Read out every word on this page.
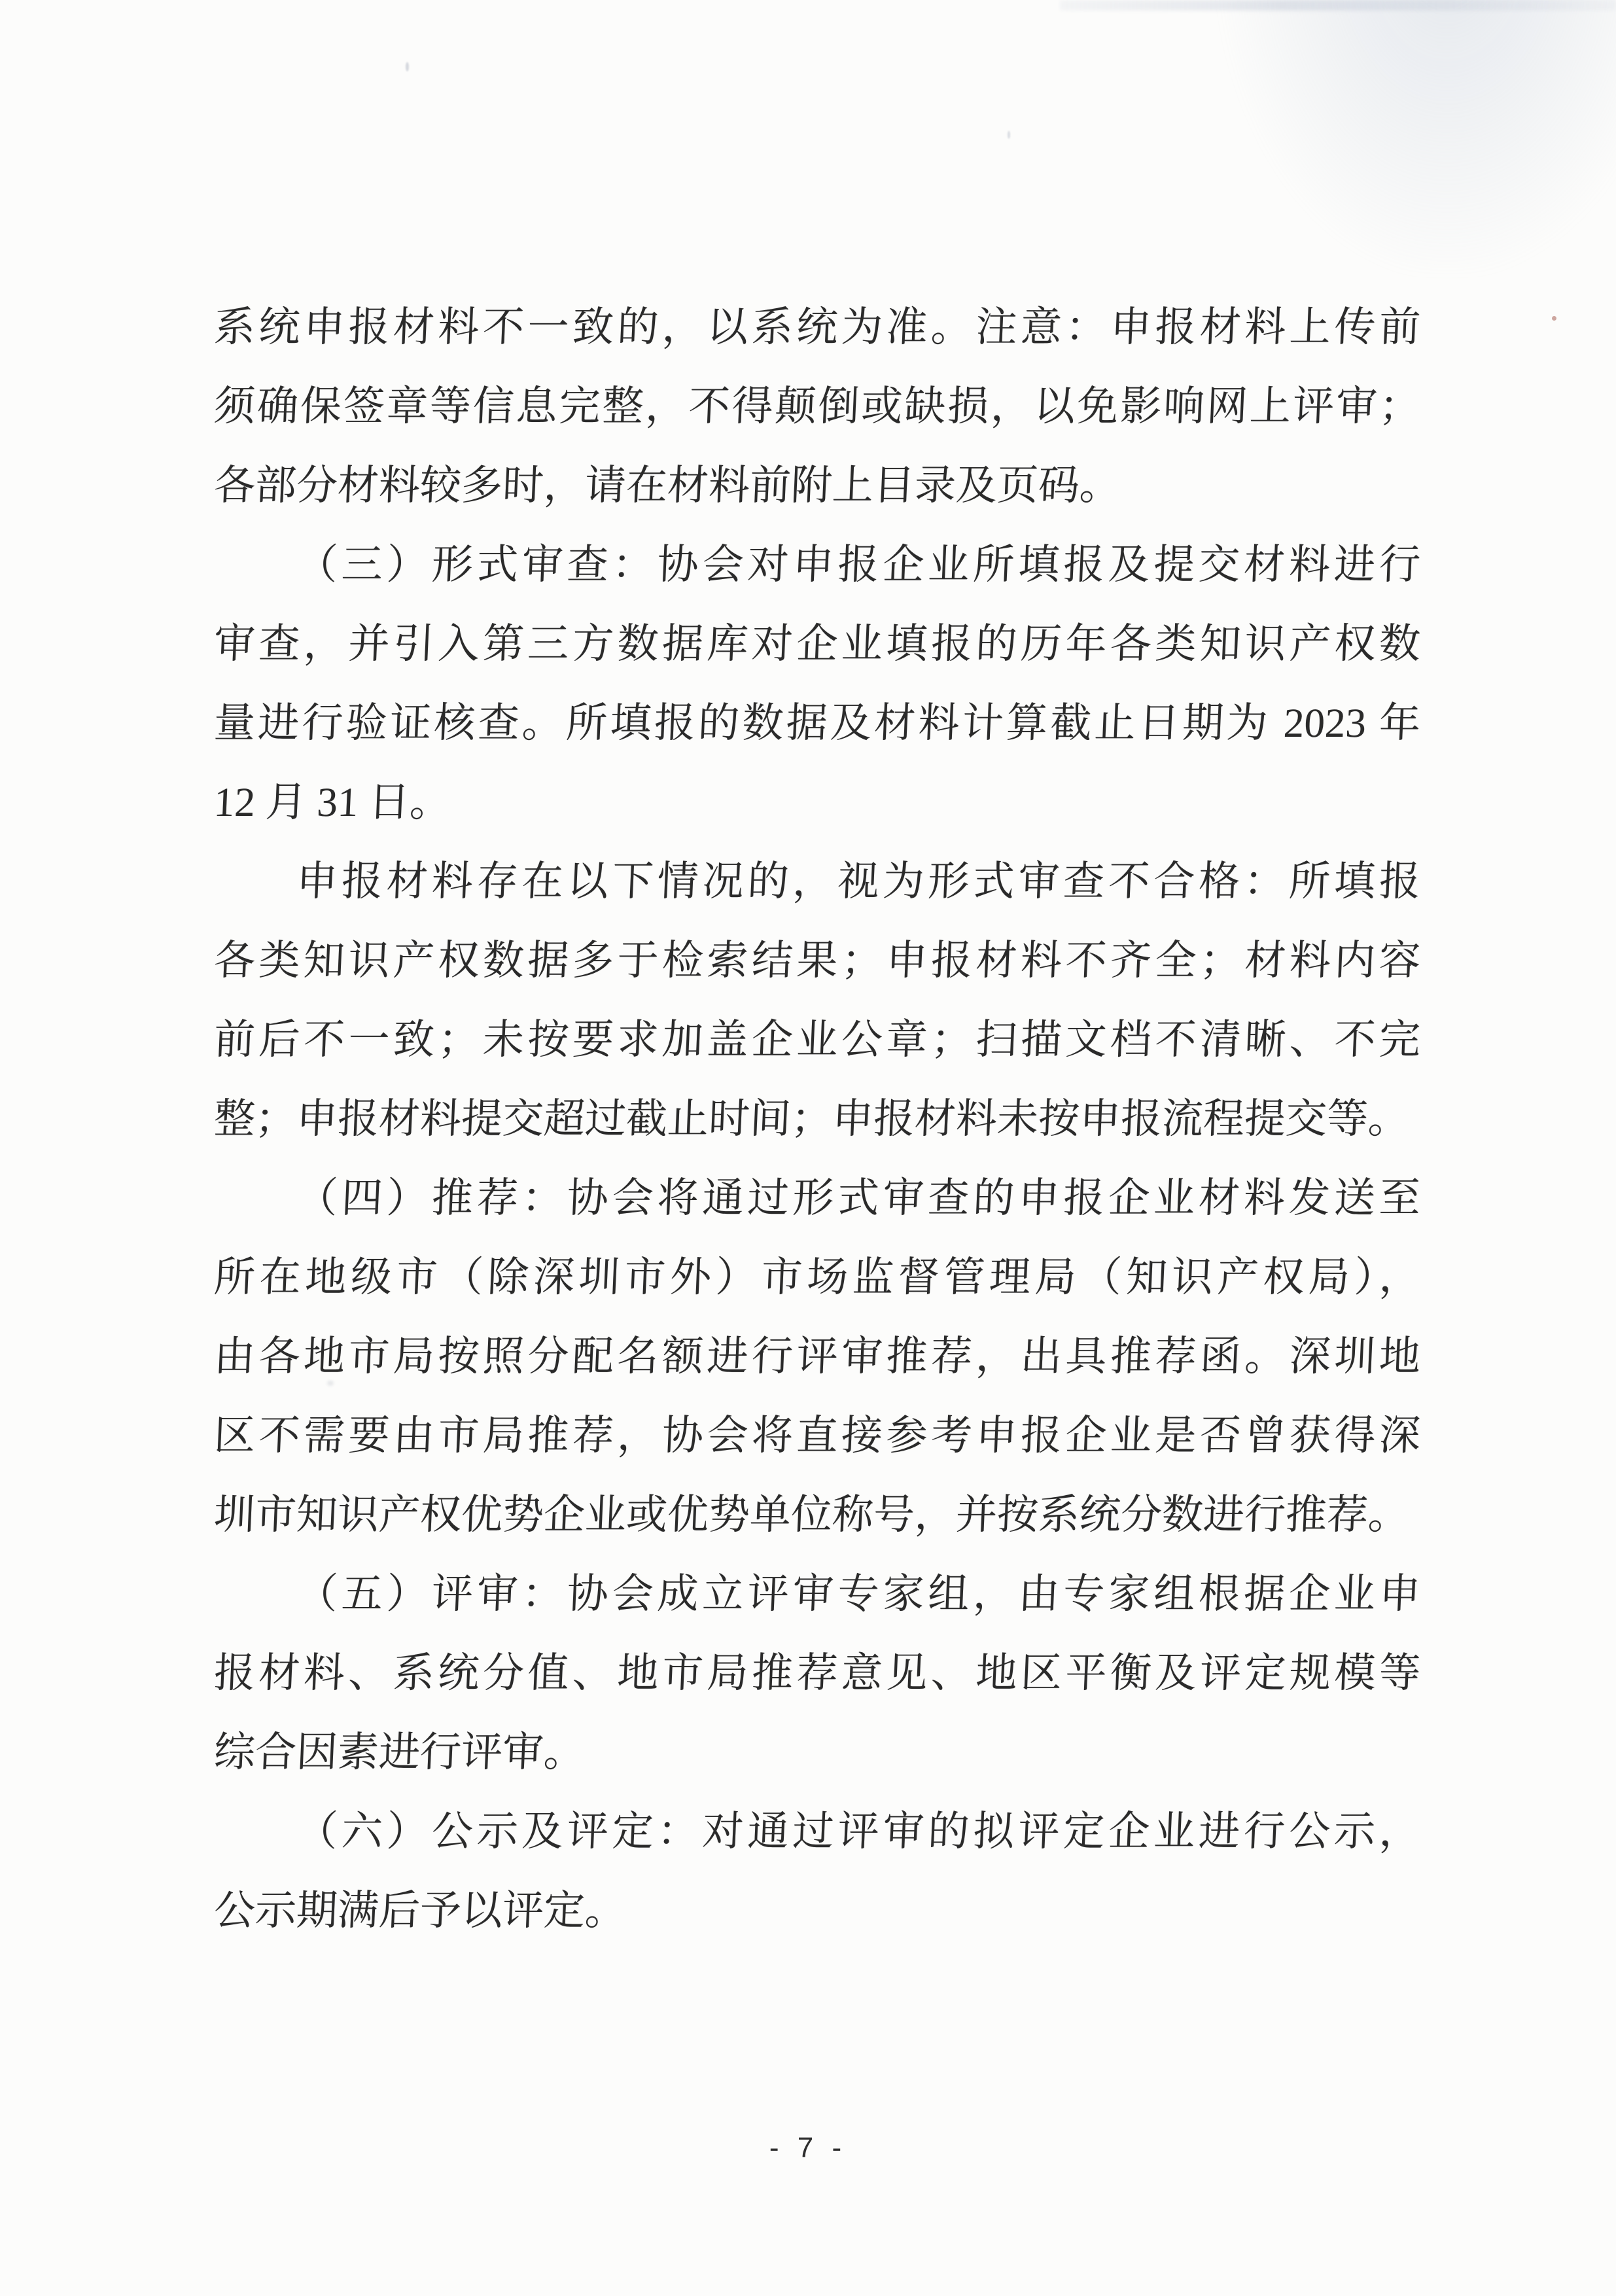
系统申报材料不一致的，以系统为准。注意：申报材料上传前

须确保签章等信息完整，不得颠倒或缺损，以免影响网上评审；

各部分材料较多时，请在材料前附上目录及页码。

（三）形式审查：协会对申报企业所填报及提交材料进行

审查，并引入第三方数据库对企业填报的历年各类知识产权数

量进行验证核查。所填报的数据及材料计算截止日期为 2023 年

12 月 31 日。

申报材料存在以下情况的，视为形式审查不合格：所填报

各类知识产权数据多于检索结果；申报材料不齐全；材料内容

前后不一致；未按要求加盖企业公章；扫描文档不清晰、不完

整；申报材料提交超过截止时间；申报材料未按申报流程提交等。

（四）推荐：协会将通过形式审查的申报企业材料发送至

所在地级市（除深圳市外）市场监督管理局（知识产权局），

由各地市局按照分配名额进行评审推荐，出具推荐函。深圳地

区不需要由市局推荐，协会将直接参考申报企业是否曾获得深

圳市知识产权优势企业或优势单位称号，并按系统分数进行推荐。

（五）评审：协会成立评审专家组，由专家组根据企业申

报材料、系统分值、地市局推荐意见、地区平衡及评定规模等

综合因素进行评审。

（六）公示及评定：对通过评审的拟评定企业进行公示，

公示期满后予以评定。

- 7 -
